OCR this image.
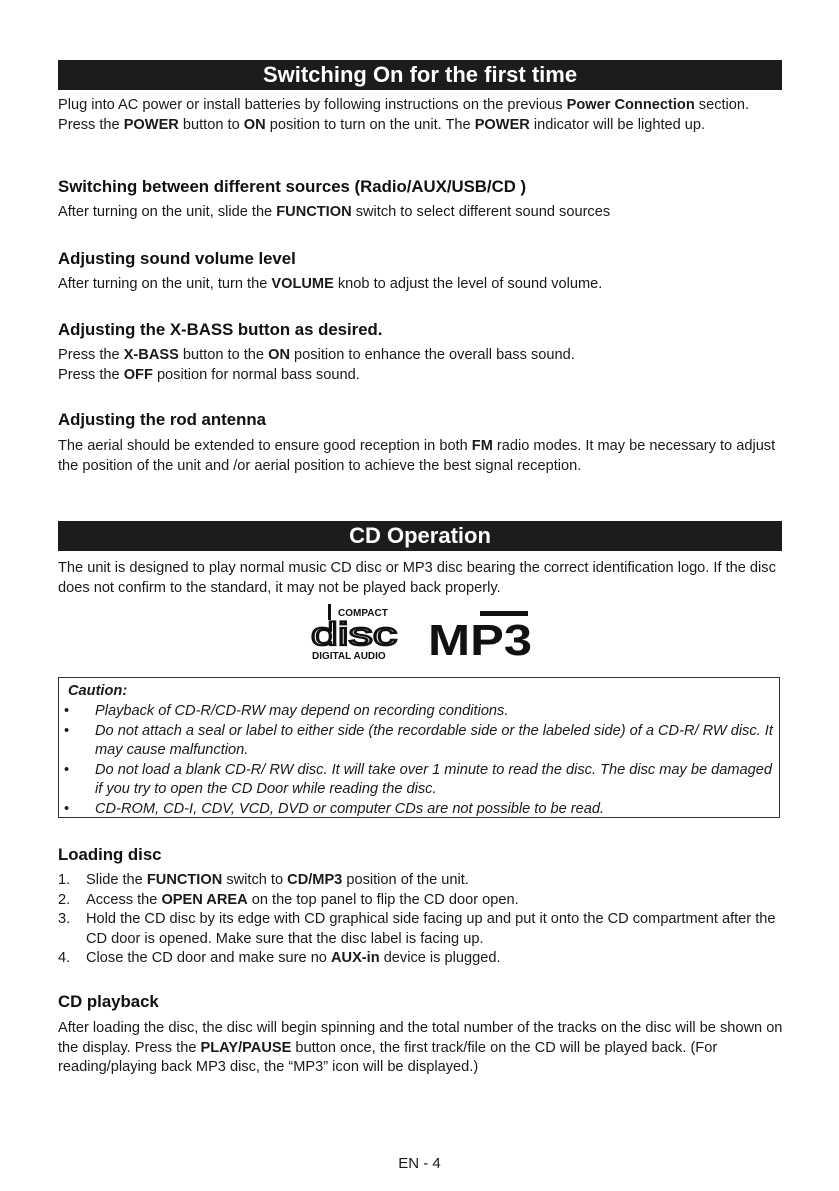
Switching On for the first time
Plug into AC power or install batteries by following instructions on the previous Power Connection section. Press the POWER button to ON position to turn on the unit. The POWER indicator will be lighted up.
Switching between different sources (Radio/AUX/USB/CD )
After turning on the unit, slide the FUNCTION switch to select different sound sources
Adjusting sound volume level
After turning on the unit, turn the VOLUME knob to adjust the level of sound volume.
Adjusting the X-BASS button as desired.
Press the X-BASS button to the ON position to enhance the overall bass sound.
Press the OFF position for normal bass sound.
Adjusting the rod antenna
The aerial should be extended to ensure good reception in both FM radio modes. It may be necessary to adjust the position of the unit and /or aerial position to achieve the best signal reception.
CD Operation
The unit is designed to play normal music CD disc or MP3 disc bearing the correct identification logo. If the disc does not confirm to the standard, it may not be played back properly.
COMPACT
disc
DIGITAL AUDIO MP3
Caution:
• Playback of CD-R/CD-RW may depend on recording conditions.
• Do not attach a seal or label to either side (the recordable side or the labeled side) of a CD-R/ RW disc. It may cause malfunction.
• Do not load a blank CD-R/ RW disc. It will take over 1 minute to read the disc. The disc may be damaged if you try to open the CD Door while reading the disc.
• CD-ROM, CD-I, CDV, VCD, DVD or computer CDs are not possible to be read.
Loading disc
1. Slide the FUNCTION switch to CD/MP3 position of the unit.
2. Access the OPEN AREA on the top panel to flip the CD door open.
3. Hold the CD disc by its edge with CD graphical side facing up and put it onto the CD compartment after the CD door is opened. Make sure that the disc label is facing up.
4. Close the CD door and make sure no AUX-in device is plugged.
CD playback
After loading the disc, the disc will begin spinning and the total number of the tracks on the disc will be shown on the display. Press the PLAY/PAUSE button once, the first track/file on the CD will be played back. (For reading/playing back MP3 disc, the “MP3” icon will be displayed.)
EN - 4
